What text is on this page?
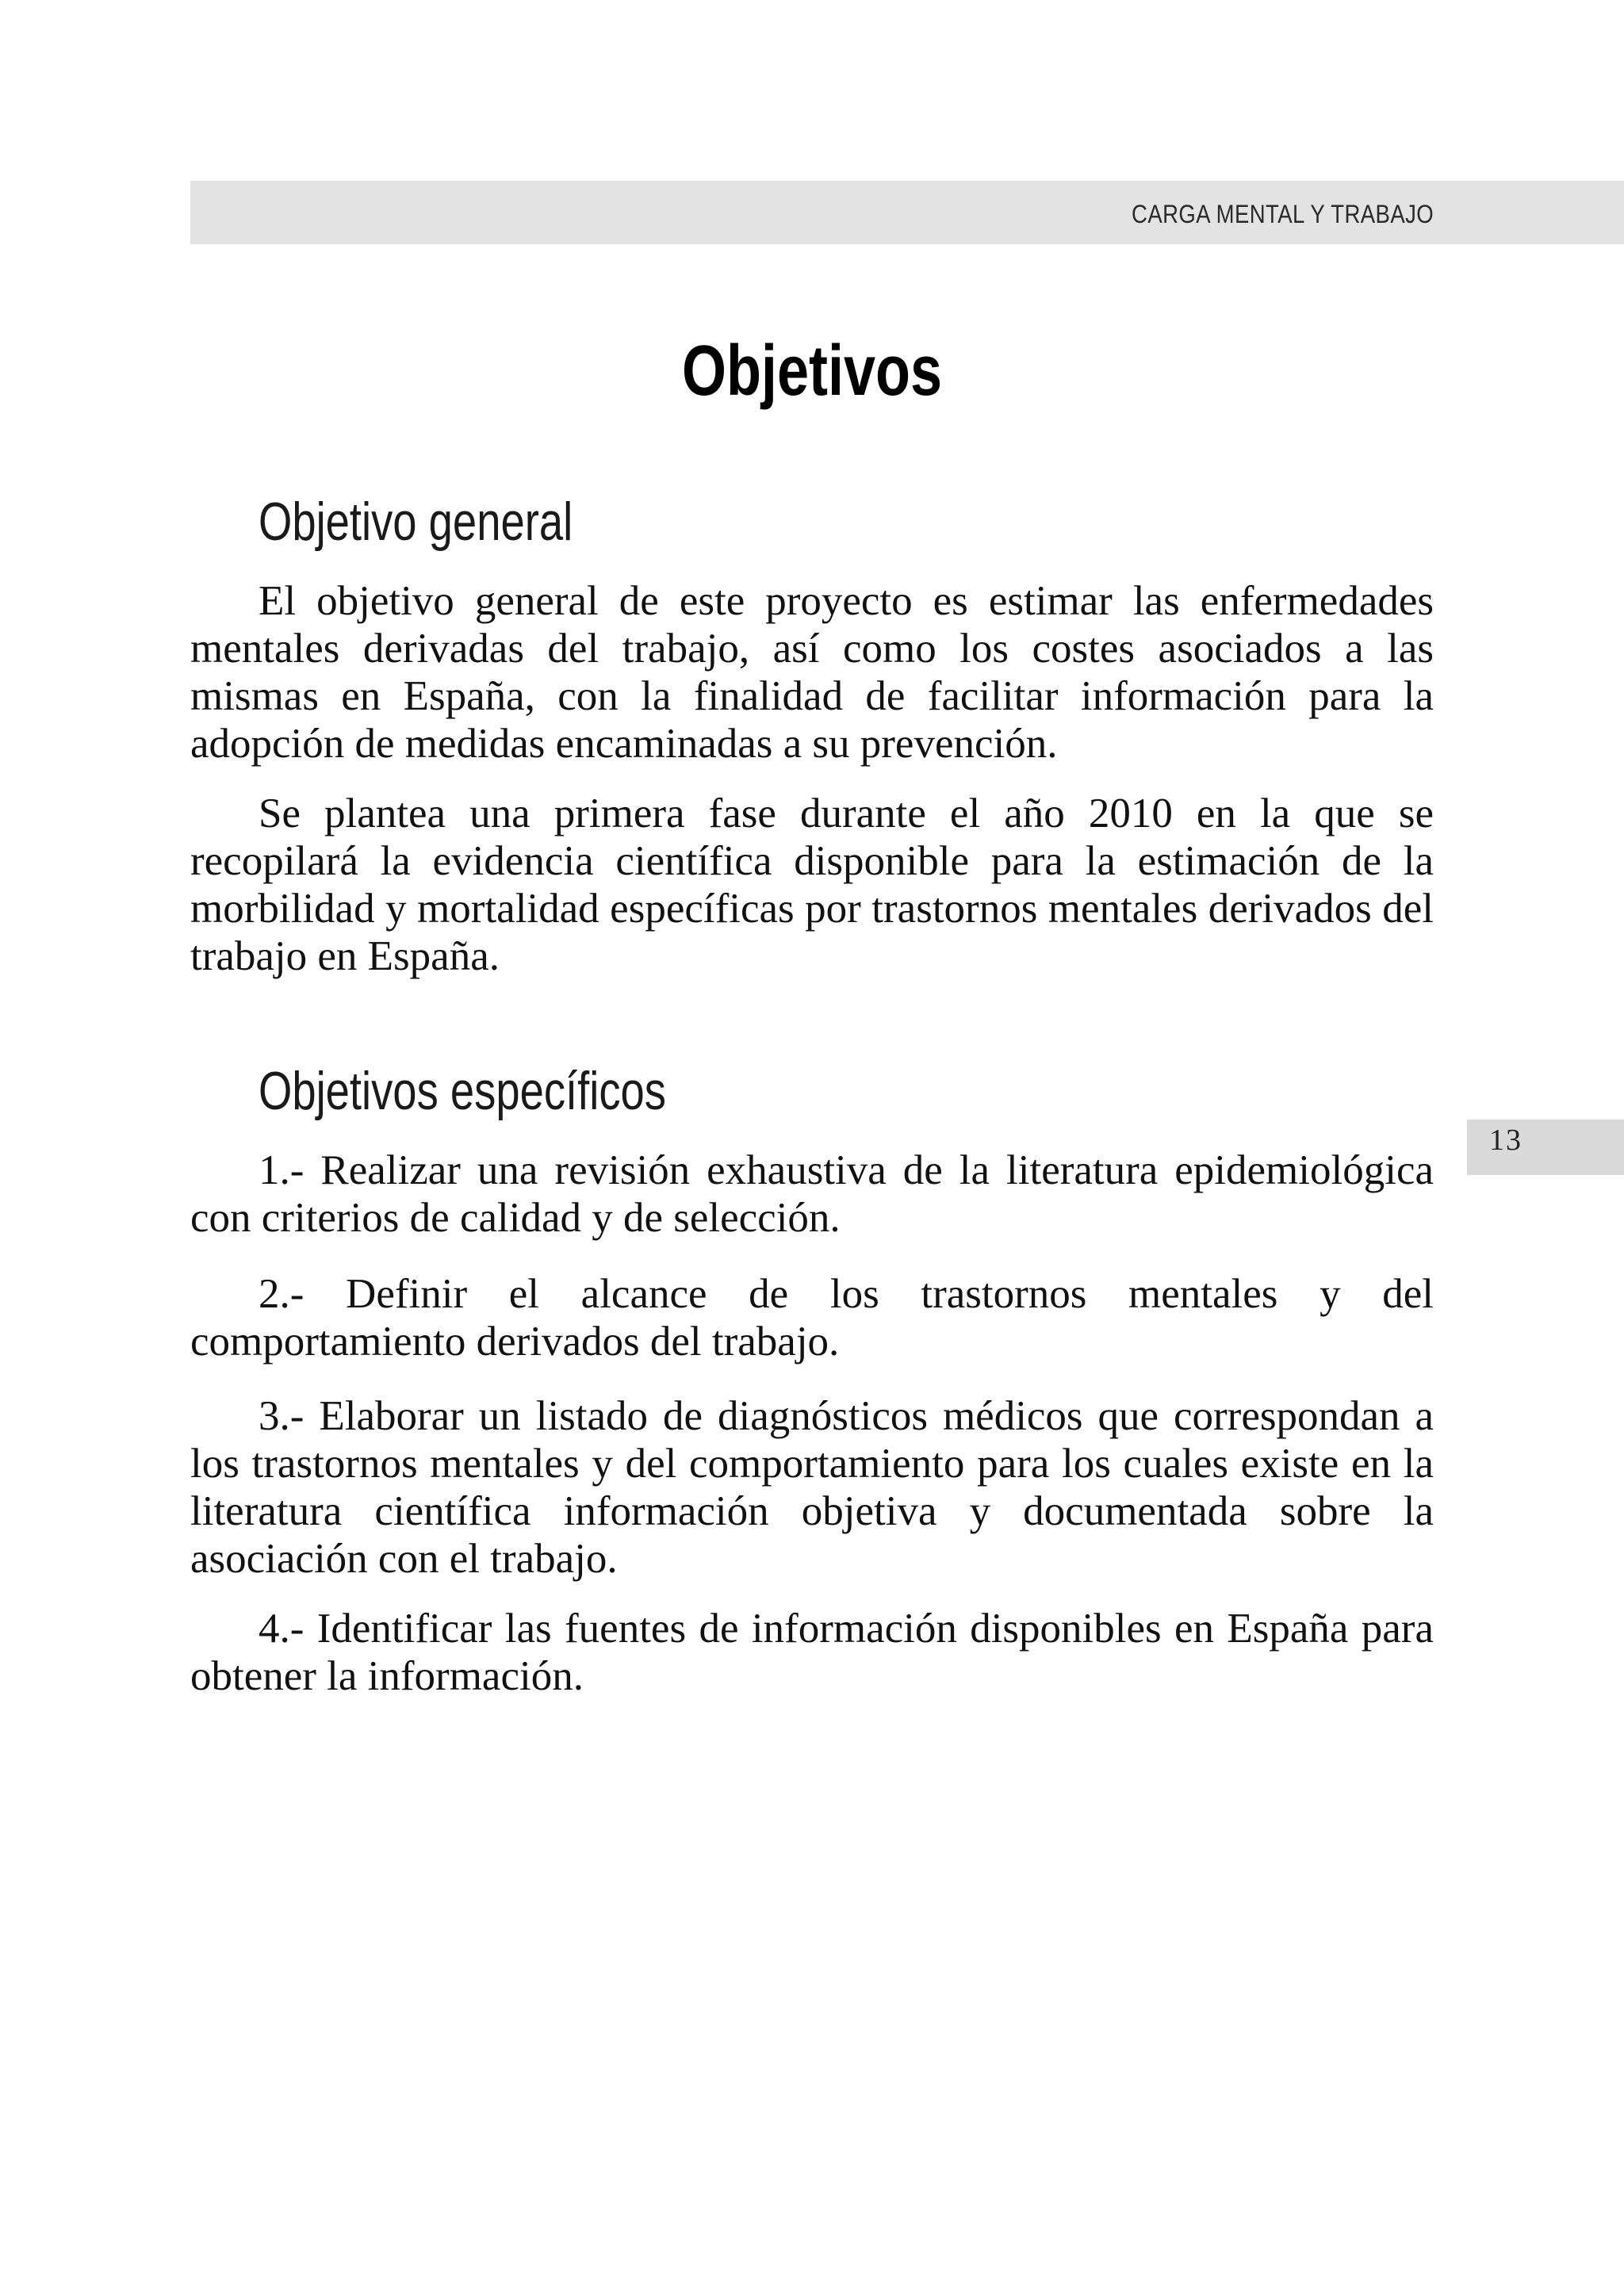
CARGA MENTAL Y TRABAJO
13
Objetivos
Objetivo general

El objetivo general de este proyecto es estimar las enfermedades mentales derivadas del trabajo, así como los costes asociados a las mismas en España, con la finalidad de facilitar información para la adopción de medidas encaminadas a su prevención.

Se plantea una primera fase durante el año 2010 en la que se recopilará la evidencia científica disponible para la estimación de la morbilidad y mortalidad específicas por trastornos mentales derivados del trabajo en España.

Objetivos específicos

1.- Realizar una revisión exhaustiva de la literatura epidemiológica con criterios de calidad y de selección.

2.- Definir el alcance de los trastornos mentales y del comportamiento derivados del trabajo.

3.- Elaborar un listado de diagnósticos médicos que correspondan a los trastornos mentales y del comportamiento para los cuales existe en la literatura científica información objetiva y documentada sobre la asociación con el trabajo.

4.- Identificar las fuentes de información disponibles en España para obtener la información.
